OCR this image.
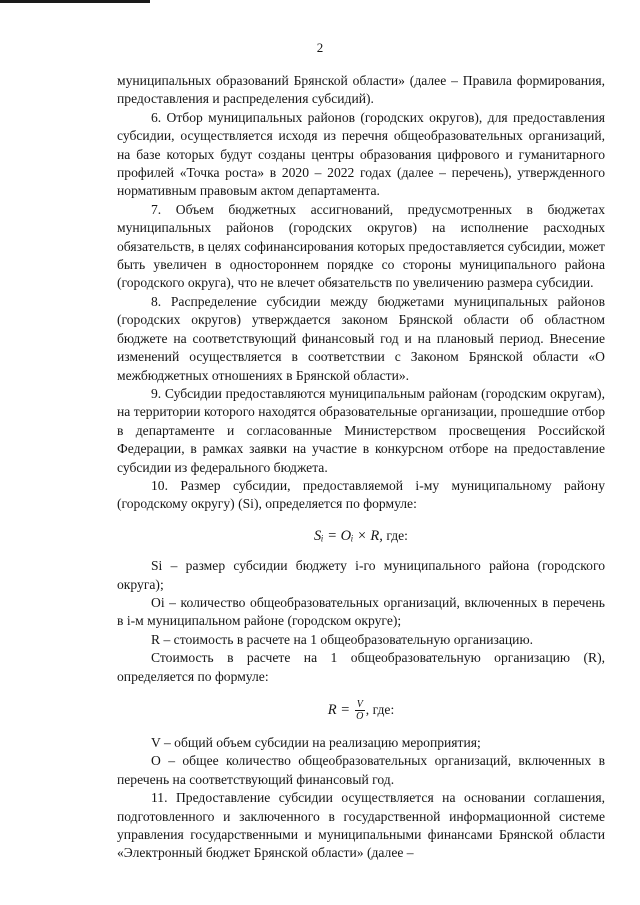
2

муниципальных образований Брянской области» (далее – Правила формирования, предоставления и распределения субсидий).

6. Отбор муниципальных районов (городских округов), для предоставления субсидии, осуществляется исходя из перечня общеобразовательных организаций, на базе которых будут созданы центры образования цифрового и гуманитарного профилей «Точка роста» в 2020 – 2022 годах (далее – перечень), утвержденного нормативным правовым актом департамента.

7. Объем бюджетных ассигнований, предусмотренных в бюджетах муниципальных районов (городских округов) на исполнение расходных обязательств, в целях софинансирования которых предоставляется субсидии, может быть увеличен в одностороннем порядке со стороны муниципального района (городского округа), что не влечет обязательств по увеличению размера субсидии.

8. Распределение субсидии между бюджетами муниципальных районов (городских округов) утверждается законом Брянской области об областном бюджете на соответствующий финансовый год и на плановый период. Внесение изменений осуществляется в соответствии с Законом Брянской области «О межбюджетных отношениях в Брянской области».

9. Субсидии предоставляются муниципальным районам (городским округам), на территории которого находятся образовательные организации, прошедшие отбор в департаменте и согласованные Министерством просвещения Российской Федерации, в рамках заявки на участие в конкурсном отборе на предоставление субсидии из федерального бюджета.

10. Размер субсидии, предоставляемой i-му муниципальному району (городскому округу) (Si), определяется по формуле:

Sᵢ = Oᵢ × R, где:

Si – размер субсидии бюджету i-го муниципального района (городского округа);

Oi – количество общеобразовательных организаций, включенных в перечень в i-м муниципальном районе (городском округе);

R – стоимость в расчете на 1 общеобразовательную организацию.

Стоимость в расчете на 1 общеобразовательную организацию (R), определяется по формуле:

$R = \frac{V}{O}$ , где:

V – общий объем субсидии на реализацию мероприятия;

O – общее количество общеобразовательных организаций, включенных в перечень на соответствующий финансовый год.

11. Предоставление субсидии осуществляется на основании соглашения, подготовленного и заключенного в государственной информационной системе управления государственными и муниципальными финансами Брянской области «Электронный бюджет Брянской области» (далее –
